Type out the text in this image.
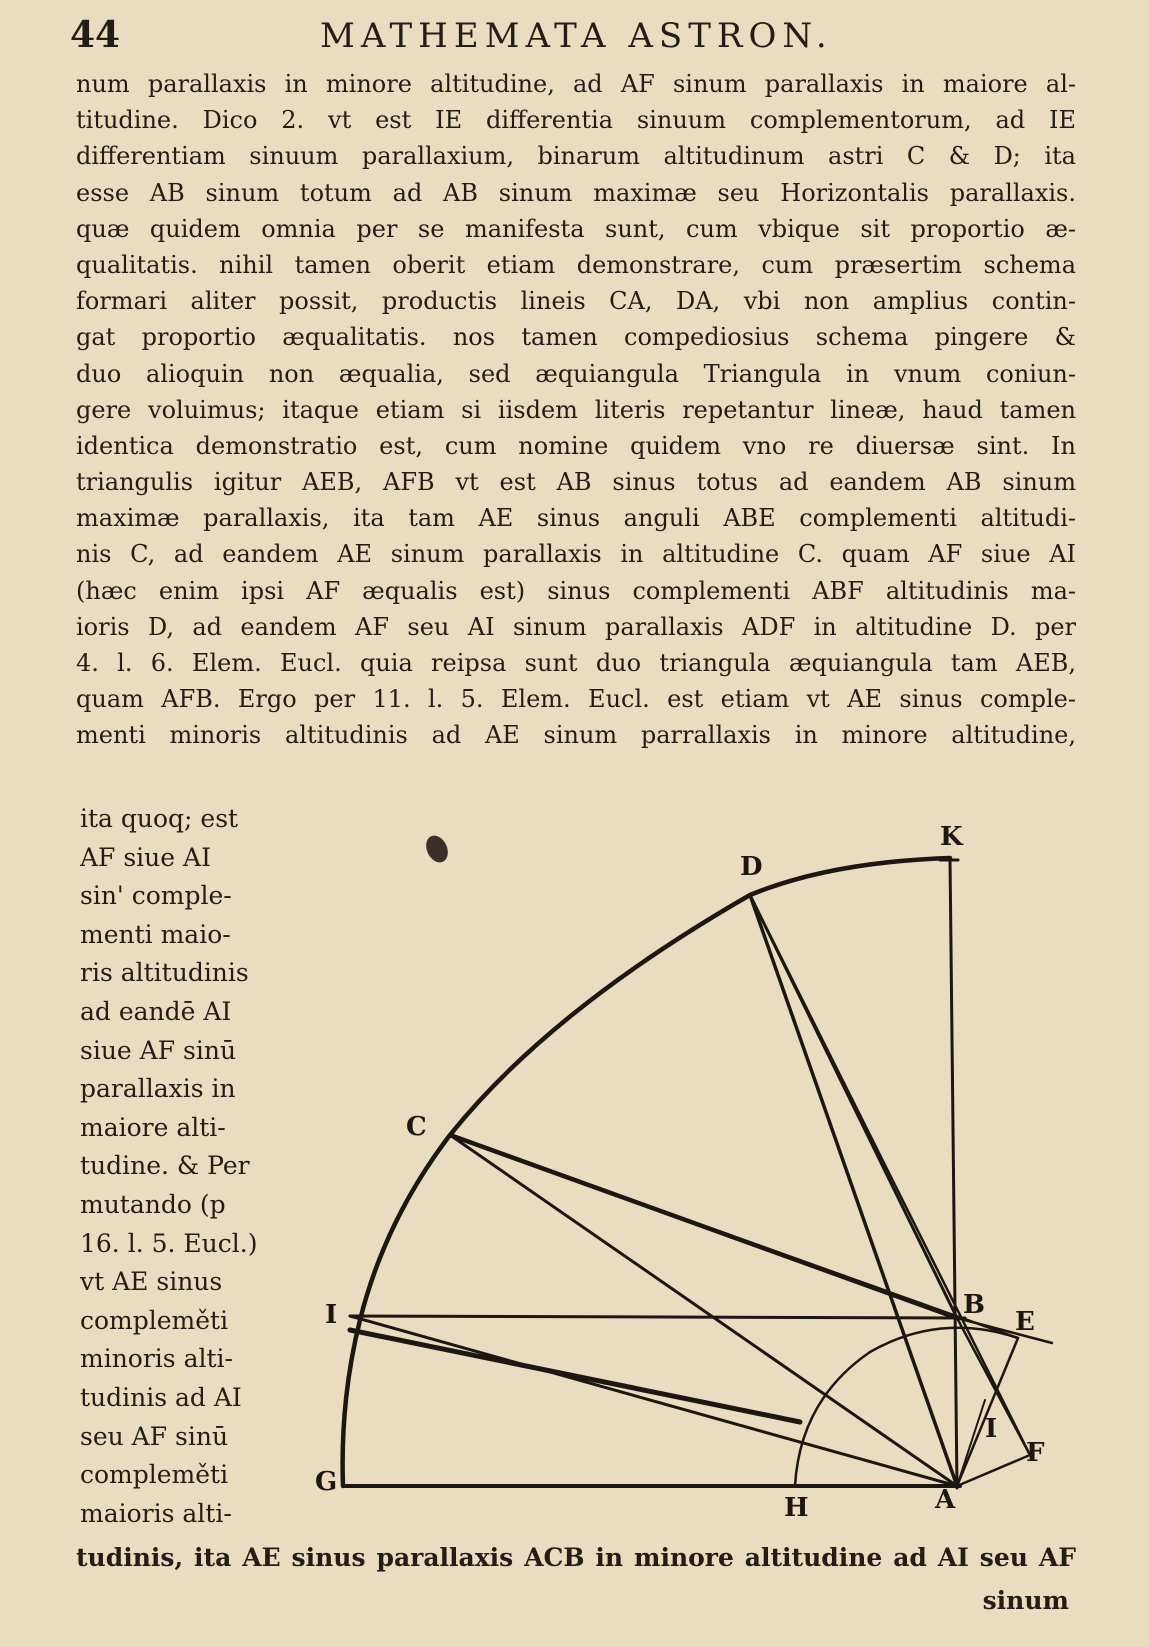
44	MATHEMATA ASTRON.
num parallaxis in minore altitudine, ad AF sinum parallaxis in maiore al-
titudine. Dico 2. vt est IE differentia sinuum complementorum, ad IE
differentiam sinuum parallaxium, binarum altitudinum astri C & D; ita
esse AB sinum totum ad AB sinum maximæ seu Horizontalis parallaxis.
quæ quidem omnia per se manifesta sunt, cum vbique sit proportio æ-
qualitatis. nihil tamen oberit etiam demonstrare, cum præsertim schema
formari aliter possit, productis lineis CA, DA, vbi non amplius contin-
gat proportio æqualitatis. nos tamen compediosius schema pingere &
duo alioquin non æqualia, sed æquiangula Triangula in vnum coniun-
gere voluimus; itaque etiam si iisdem literis repetantur lineæ, haud tamen
identica demonstratio est, cum nomine quidem vno re diuersæ sint. In
triangulis igitur AEB, AFB vt est AB sinus totus ad eandem AB sinum
maximæ parallaxis, ita tam AE sinus anguli ABE complementi altitudi-
nis C, ad eandem AE sinum parallaxis in altitudine C. quam AF siue AI
(hæc enim ipsi AF æqualis est) sinus complementi ABF altitudinis ma-
ioris D, ad eandem AF seu AI sinum parallaxis ADF in altitudine D. per
4. l. 6. Elem. Eucl. quia reipsa sunt duo triangula æquiangula tam AEB,
quam AFB. Ergo per 11. l. 5. Elem. Eucl. est etiam vt AE sinus comple-
menti minoris altitudinis ad AE sinum parrallaxis in minore altitudine,
ita quoq; est
AF siue AI
sin' comple-
menti maio-
ris altitudinis
ad eandē AI
siue AF sinū
parallaxis in
maiore alti-
tudine. & Per
mutando (p
16. l. 5. Eucl.)
vt AE sinus
compleměti
minoris alti-
tudinis ad AI
seu AF sinū
compleměti
maioris alti-
K
D
C
I	B
E
I
F
G
H	A
tudinis, ita AE sinus parallaxis ACB in minore altitudine ad AI seu AF
sinum
